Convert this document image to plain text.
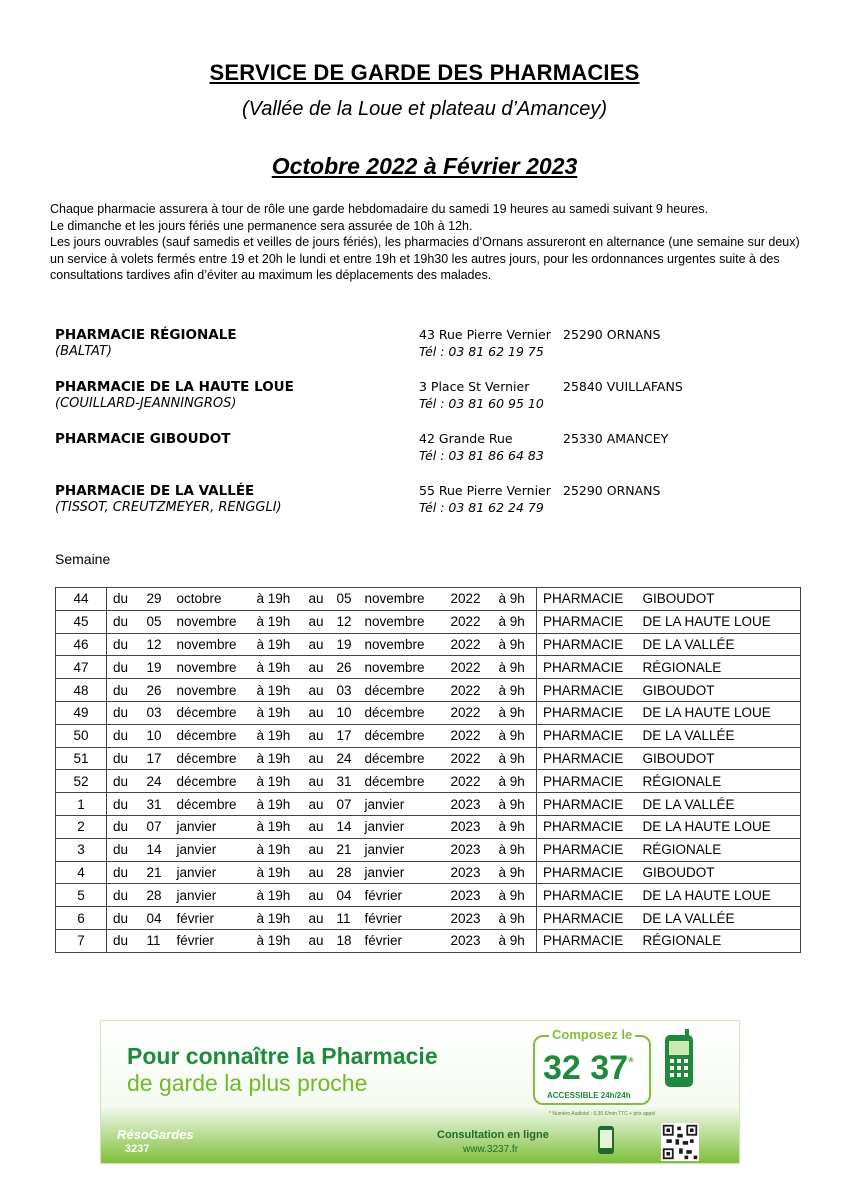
SERVICE DE GARDE DES PHARMACIES
(Vallée de la Loue et plateau d’Amancey)
Octobre 2022 à Février 2023

Chaque pharmacie assurera à tour de rôle une garde hebdomadaire du samedi 19 heures au samedi suivant 9 heures.

Le dimanche et les jours fériés une permanence sera assurée de 10h à 12h.

Les jours ouvrables (sauf samedis et veilles de jours fériés), les pharmacies d’Ornans assureront en alternance (une semaine sur deux) un service à volets fermés entre 19 et 20h le lundi et entre 19h et 19h30 les autres jours, pour les ordonnances urgentes suite à des consultations tardives afin d’éviter au maximum les déplacements des malades.

PHARMACIE RÉGIONALE
(BALTAT)
43 Rue Pierre Vernier 25290 ORNANS
Tél : 03 81 62 19 75
PHARMACIE DE LA HAUTE LOUE
(COUILLARD-JEANNINGROS)
3 Place St Vernier	25840 VUILLAFANS
Tél : 03 81 60 95 10
PHARMACIE GIBOUDOT	42 Grande Rue	25330 AMANCEY
Tél : 03 81 86 64 83
PHARMACIE DE LA VALLÉE
(TISSOT, CREUTZMEYER, RENGGLI)
55 Rue Pierre Vernier 25290 ORNANS
Tél : 03 81 62 24 79
Semaine
44	du	29	octobre	à 19h	au	05	novembre	2022	à 9h	PHARMACIE	GIBOUDOT
45	du	05	novembre	à 19h	au	12	novembre	2022	à 9h	PHARMACIE	DE LA HAUTE LOUE
46	du	12	novembre	à 19h	au	19	novembre	2022	à 9h	PHARMACIE	DE LA VALLÉE
47	du	19	novembre	à 19h	au	26	novembre	2022	à 9h	PHARMACIE	RÉGIONALE
48	du	26	novembre	à 19h	au	03	décembre	2022	à 9h	PHARMACIE	GIBOUDOT
49	du	03	décembre	à 19h	au	10	décembre	2022	à 9h	PHARMACIE	DE LA HAUTE LOUE
50	du	10	décembre	à 19h	au	17	décembre	2022	à 9h	PHARMACIE	DE LA VALLÉE
51	du	17	décembre	à 19h	au	24	décembre	2022	à 9h	PHARMACIE	GIBOUDOT
52	du	24	décembre	à 19h	au	31	décembre	2022	à 9h	PHARMACIE	RÉGIONALE
1	du	31	décembre	à 19h	au	07	janvier	2023	à 9h	PHARMACIE	DE LA VALLÉE
2	du	07	janvier	à 19h	au	14	janvier	2023	à 9h	PHARMACIE	DE LA HAUTE LOUE
3	du	14	janvier	à 19h	au	21	janvier	2023	à 9h	PHARMACIE	RÉGIONALE
4	du	21	janvier	à 19h	au	28	janvier	2023	à 9h	PHARMACIE	GIBOUDOT
5	du	28	janvier	à 19h	au	04	février	2023	à 9h	PHARMACIE	DE LA HAUTE LOUE
6	du	04	février	à 19h	au	11	février	2023	à 9h	PHARMACIE	DE LA VALLÉE
7	du	11	février	à 19h	au	18	février	2023	à 9h	PHARMACIE	RÉGIONALE
Pour connaître la Pharmacie
de garde la plus proche
Composez le
32 37*
ACCESSIBLE 24h/24h
* Numéro Audiotel : 0,35 €/min TTC + prix appel
RésoGardes
3237
Consultation en ligne
www.3237.fr
